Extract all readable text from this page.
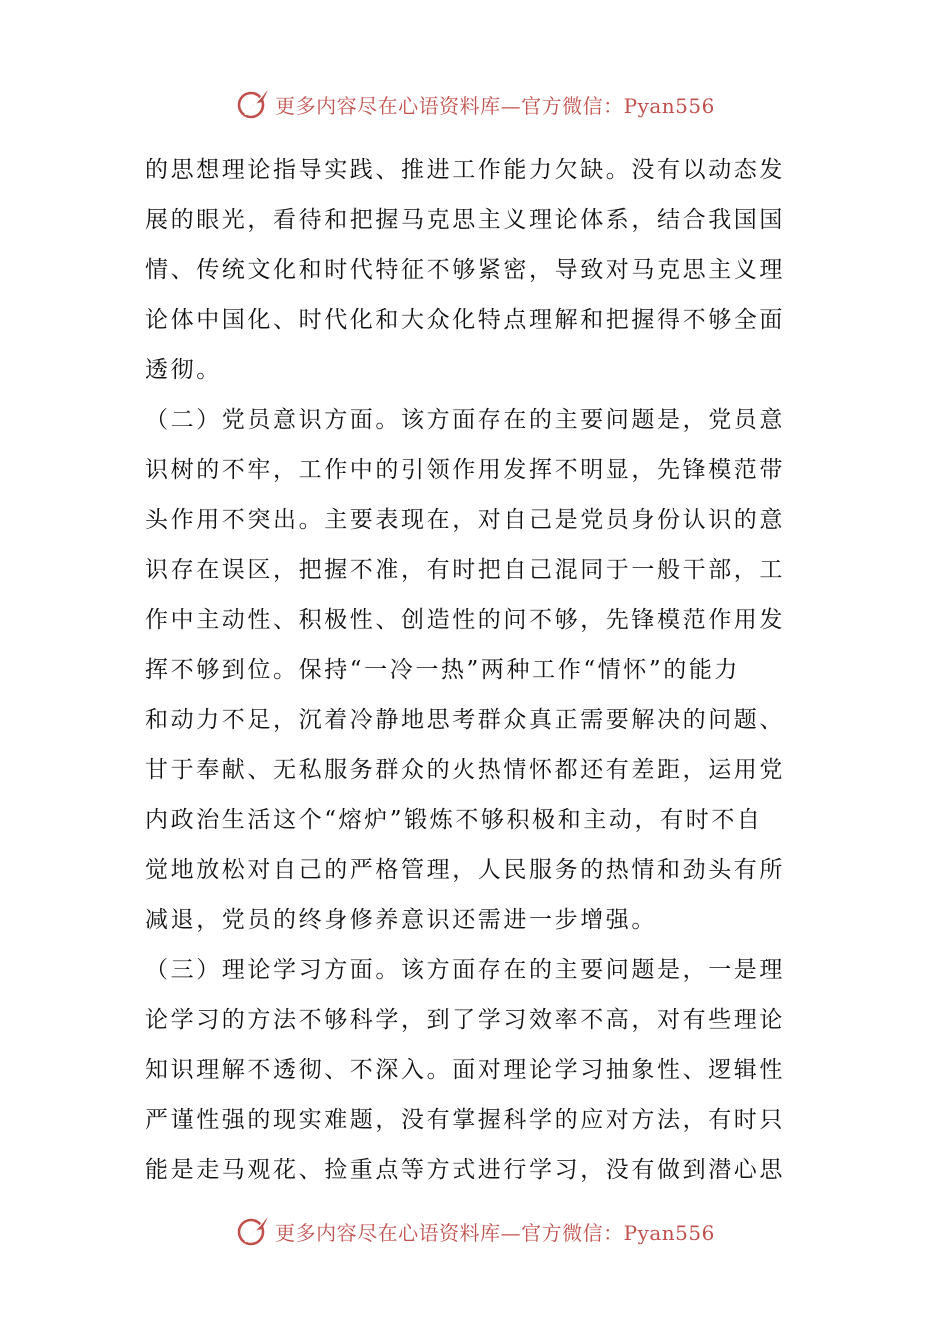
更多内容尽在心语资料库—官方微信：Pyan556
的思想理论指导实践、推进工作能力欠缺。没有以动态发
展的眼光，看待和把握马克思主义理论体系，结合我国国
情、传统文化和时代特征不够紧密，导致对马克思主义理
论体中国化、时代化和大众化特点理解和把握得不够全面
透彻。
（二）党员意识方面。该方面存在的主要问题是，党员意
识树的不牢，工作中的引领作用发挥不明显，先锋模范带
头作用不突出。主要表现在，对自己是党员身份认识的意
识存在误区，把握不准，有时把自己混同于一般干部，工
作中主动性、积极性、创造性的问不够，先锋模范作用发
挥不够到位。保持“一冷一热”两种工作“情怀”的能力
和动力不足，沉着冷静地思考群众真正需要解决的问题、
甘于奉献、无私服务群众的火热情怀都还有差距，运用党
内政治生活这个“熔炉”锻炼不够积极和主动，有时不自
觉地放松对自己的严格管理，人民服务的热情和劲头有所
减退，党员的终身修养意识还需进一步增强。
（三）理论学习方面。该方面存在的主要问题是，一是理
论学习的方法不够科学，到了学习效率不高，对有些理论
知识理解不透彻、不深入。面对理论学习抽象性、逻辑性
严谨性强的现实难题，没有掌握科学的应对方法，有时只
能是走马观花、捡重点等方式进行学习，没有做到潜心思
更多内容尽在心语资料库—官方微信：Pyan556
